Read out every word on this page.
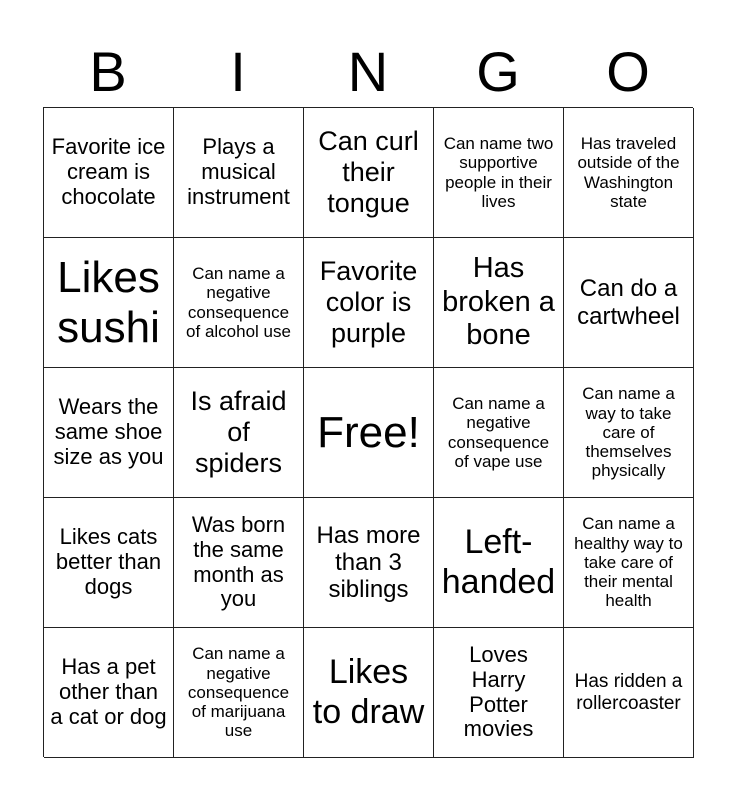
B	I	N	G	O
Favorite ice cream is chocolate
Plays a musical instrument
Can curl their tongue
Can name two supportive people in their lives
Has traveled outside of the Washington state
Likes sushi
Can name a negative consequence of alcohol use
Favorite color is purple
Has broken a bone
Can do a cartwheel
Wears the same shoe size as you
Is afraid of spiders
Free!
Can name a negative consequence of vape use
Can name a way to take care of themselves physically
Likes cats better than dogs
Was born the same month as you
Has more than 3 siblings
Left-handed
Can name a healthy way to take care of their mental health
Has a pet other than a cat or dog
Can name a negative consequence of marijuana use
Likes to draw
Loves Harry Potter movies
Has ridden a rollercoaster
